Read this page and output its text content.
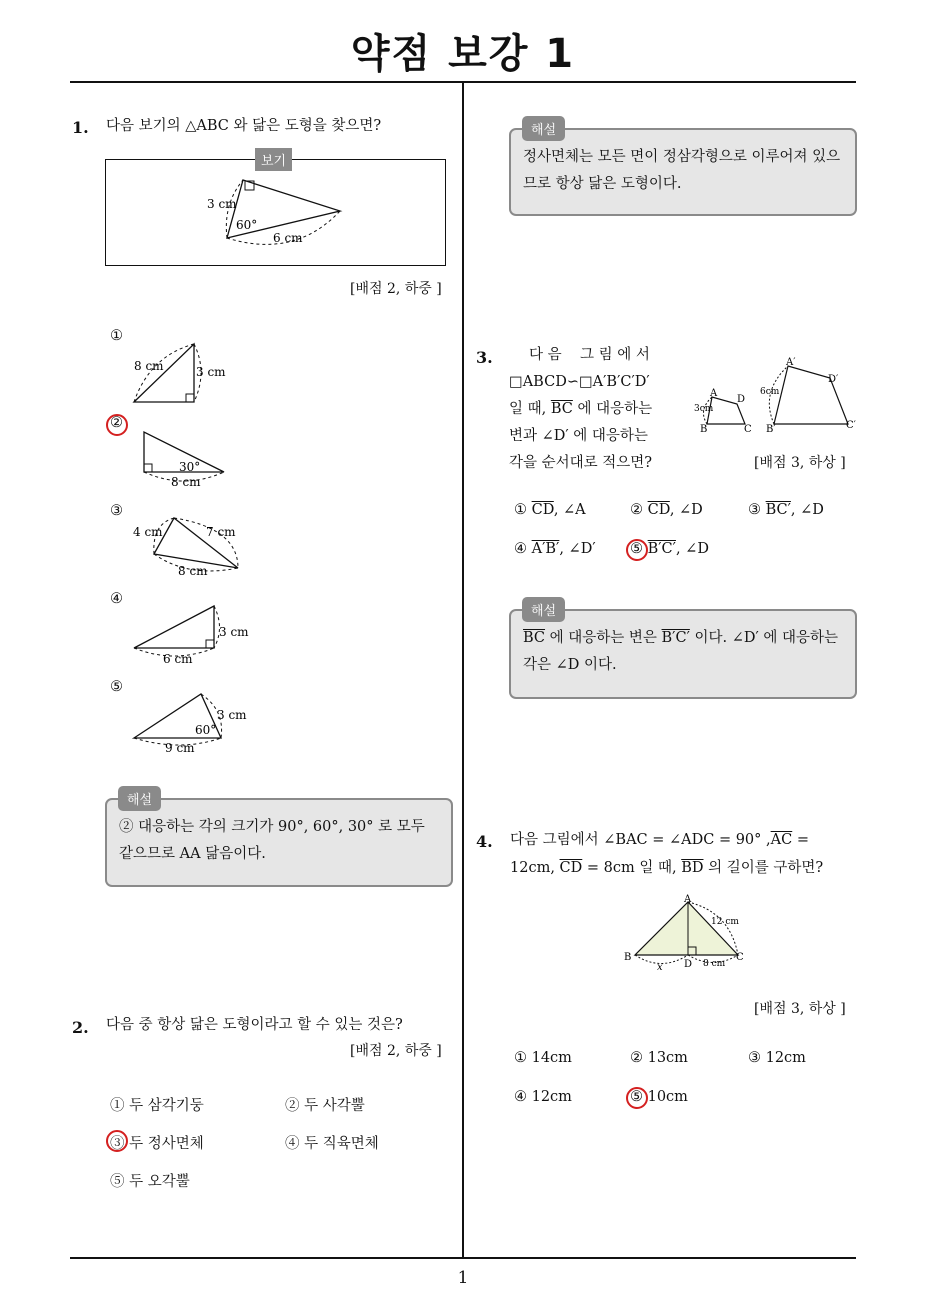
약점 보강 1
1
1. 다음 보기의 △ABC 와 닮은 도형을 찾으면?
보기
3 cm
60°
6 cm
[배점 2, 하중 ]
①
8 cm	3 cm
②
30°
8 cm
③
4 cm	7 cm
8 cm
④
3 cm
6 cm
⑤
3 cm
60°
9 cm
② 대응하는 각의 크기가 90°, 60°, 30° 로 모두 같으므로 AA 닮음이다.
해설
2. 다음 중 항상 닮은 도형이라고 할 수 있는 것은?
[배점 2, 하중 ]
① 두 삼각기둥	② 두 사각뿔
③ 두 정사면체	④ 두 직육면체
⑤ 두 오각뿔
정사면체는 모든 면이 정삼각형으로 이루어져 있으므로 항상 닮은 도형이다.
해설
3.	다 음    그 림 에 서
□ABCD∽□A′B′C′D′
일 때, $\overline{BC}$ 에 대응하는
변과 ∠D′ 에 대응하는
각을 순서대로 적으면?	[배점 3, 하상 ]
A
B	C
D
3cm
A′
B′	C′
D′
6cm
① $\overline{CD}$, ∠A	② $\overline{CD}$, ∠D	③ BC′, ∠D
④ A′B′, ∠D′ ⑤ B′C′, ∠D
$\overline{BC}$ 에 대응하는 변은 B′C′ 이다. ∠D′ 에 대응하는
각은 ∠D 이다.
해설
4. 다음 그림에서 ∠BAC = ∠ADC = 90° $,\overline{AC}$ =
12cm, $\overline{CD} = 8cm$ 일 때, $\overline{BD}$ 의 길이를 구하면?
A
B	C
D
x
12 cm
8 cm
[배점 3, 하상 ]
① 14cm	② 13cm	③ 12cm
④ 12cm	⑤ 10cm
